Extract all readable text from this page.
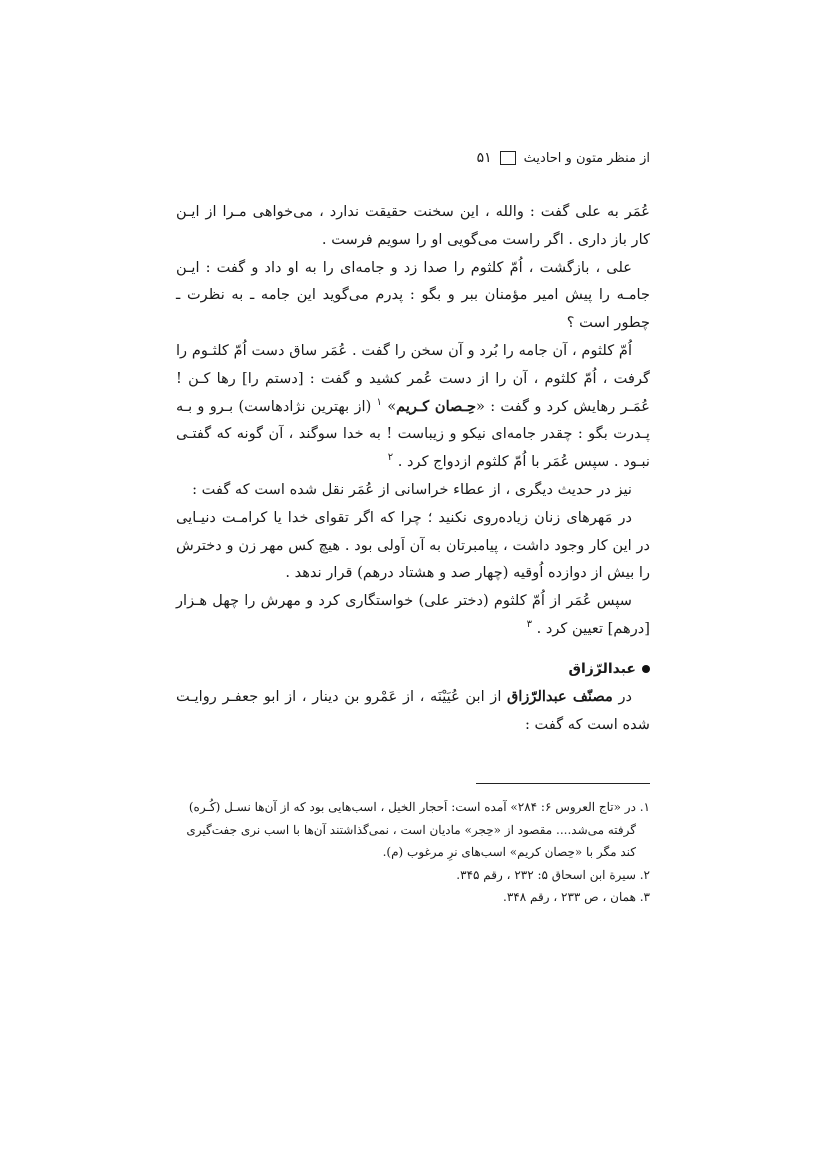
از منظر متون و احادیث
۵۱

عُمَر به علی گفت : والله ، این سخنت حقیقت ندارد ، می‌خواهی مـرا از ایـن کار باز داری . اگر راست می‌گویی او را سویم فرست .

علی ، بازگشت ، اُمّ کلثوم را صدا زد و جامه‌ای را به او داد و گفت : ایـن جامـه را پیش امیر مؤمنان ببر و بگو : پدرم می‌گوید این جامه ـ به نظرت ـ چطور است ؟

اُمّ کلثوم ، آن جامه را بُرد و آن سخن را گفت . عُمَر ساق دست اُمّ کلثـوم را گرفت ، اُمّ کلثوم ، آن را از دست عُمر کشید و گفت : [دستم را] رها کـن ! عُمَـر رهایش کرد و گفت : «حِـصان کـریم» $^۱$ (از بهترین نژادهاست) بـرو و بـه پـدرت بگو : چقدر جامه‌ای نیکو و زیباست ! به خدا سوگند ، آن گونه که گفتـی نبـود . سپس عُمَر با اُمّ کلثوم ازدواج کرد . $^۲$

نیز در حدیث دیگری ، از عطاء خراسانی از عُمَر نقل شده است که گفت :

در مَهرهای زنان زیاده‌روی نکنید ؛ چرا که اگر تقوای خدا یا کرامـت دنیـایی در این کار وجود داشت ، پیامبرتان به آن اَولی بود . هیچ کس مهر زن و دخترش را بیش از دوازده اُوقیه (چهار صد و هشتاد درهم) قرار ندهد .

سپس عُمَر از اُمّ کلثوم (دختر علی) خواستگاری کرد و مهرش را چهل هـزار [درهم] تعیین کرد . $^۳$

عبدالرّزاق

در مصنّف عبدالرّزاق از ابن عُیَیْنَه ، از عَمْرو بن دینار ، از ابو جعفـر روایـت شده است که گفت :

۱. در «تاج العروس ۶: ۲۸۴» آمده است: اَحجار الخیل ، اسب‌هایی بود که از آن‌ها نسـل (کُـره)

گرفته می‌شد.... مقصود از «حِجر» مادیان است ، نمی‌گذاشتند آن‌ها با اسب نری جفت‌گیری

کند مگر با «حِصان کریم» اسب‌های نرِ مرغوب (م).

۲. سیرة ابن اسحاق ۵: ۲۳۲ ، رقم ۳۴۵.

۳. همان ، ص ۲۳۳ ، رقم ۳۴۸.
